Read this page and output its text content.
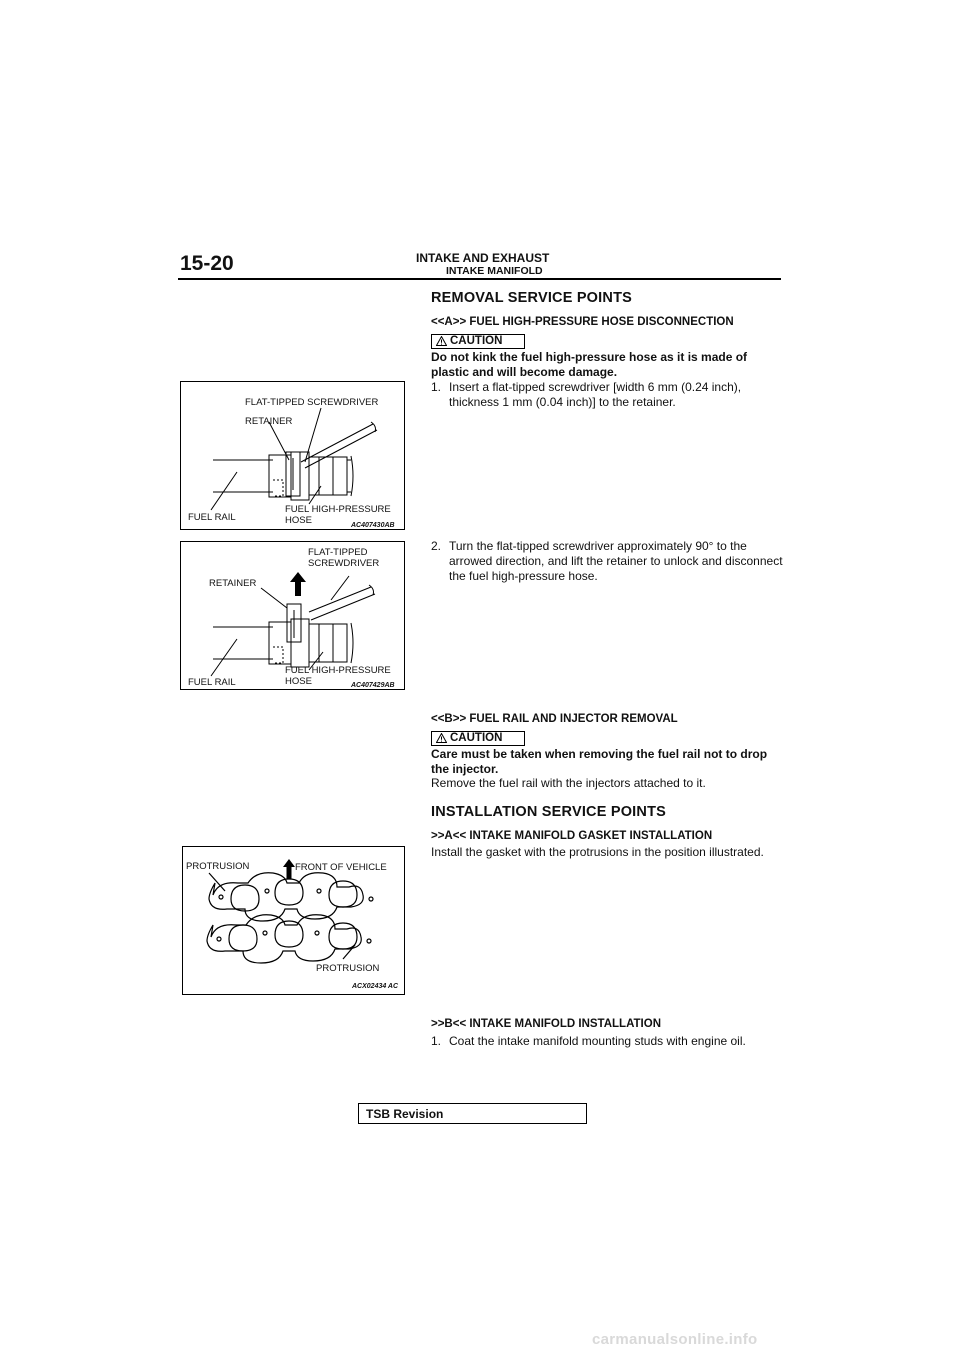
15-20	INTAKE AND EXHAUST
INTAKE MANIFOLD
REMOVAL SERVICE POINTS
<<A>> FUEL HIGH-PRESSURE HOSE DISCONNECTION
CAUTION
Do not kink the fuel high-pressure hose as it is made of plastic and will become damage.
1. Insert a flat-tipped screwdriver [width 6 mm (0.24 inch), thickness 1 mm (0.04 inch)] to the retainer.
2. Turn the flat-tipped screwdriver approximately 90° to the arrowed direction, and lift the retainer to unlock and disconnect the fuel high-pressure hose.
<<B>> FUEL RAIL AND INJECTOR REMOVAL
CAUTION
Care must be taken when removing the fuel rail not to drop the injector.
Remove the fuel rail with the injectors attached to it.
INSTALLATION SERVICE POINTS
>>A<< INTAKE MANIFOLD GASKET INSTALLATION
Install the gasket with the protrusions in the position illustrated.
>>B<< INTAKE MANIFOLD INSTALLATION
1. Coat the intake manifold mounting studs with engine oil.
FLAT-TIPPED SCREWDRIVER
RETAINER
FUEL RAIL
FUEL HIGH-PRESSURE
HOSE	AC407430AB
FLAT-TIPPED
SCREWDRIVER
RETAINER
FUEL RAIL
FUEL HIGH-PRESSURE
HOSE	AC407429AB
PROTRUSION	FRONT OF VEHICLE
PROTRUSION
ACX02434 AC
TSB Revision
carmanualsonline.info
